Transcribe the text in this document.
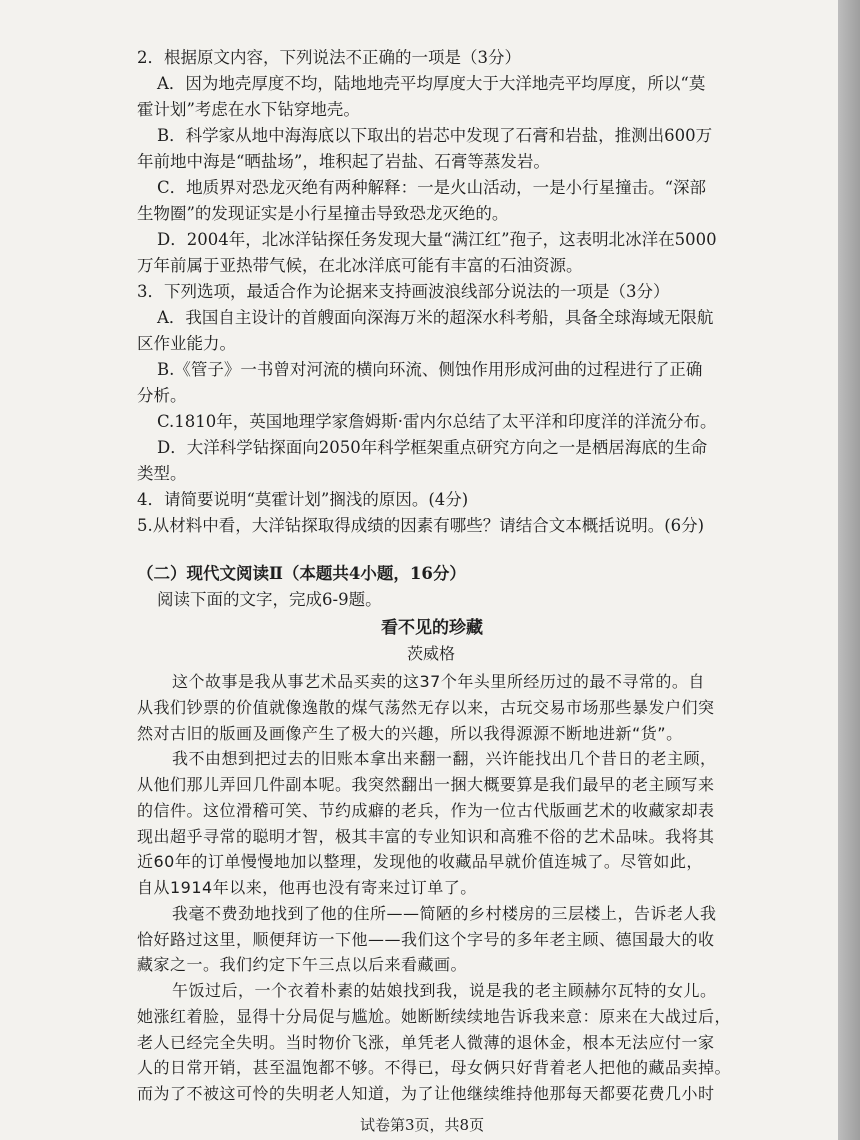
2．根据原文内容，下列说法不正确的一项是（3分）
A．因为地壳厚度不均，陆地地壳平均厚度大于大洋地壳平均厚度，所以“莫
霍计划”考虑在水下钻穿地壳。
B．科学家从地中海海底以下取出的岩芯中发现了石膏和岩盐，推测出600万
年前地中海是“晒盐场”，堆积起了岩盐、石膏等蒸发岩。
C．地质界对恐龙灭绝有两种解释：一是火山活动，一是小行星撞击。“深部
生物圈”的发现证实是小行星撞击导致恐龙灭绝的。
D．2004年，北冰洋钻探任务发现大量“满江红”孢子，这表明北冰洋在5000
万年前属于亚热带气候，在北冰洋底可能有丰富的石油资源。
3．下列选项，最适合作为论据来支持画波浪线部分说法的一项是（3分）
A．我国自主设计的首艘面向深海万米的超深水科考船，具备全球海域无限航
区作业能力。
B.《管子》一书曾对河流的横向环流、侧蚀作用形成河曲的过程进行了正确
分析。
C.1810年，英国地理学家詹姆斯·雷内尔总结了太平洋和印度洋的洋流分布。
D．大洋科学钻探面向2050年科学框架重点研究方向之一是栖居海底的生命
类型。
4．请简要说明“莫霍计划”搁浅的原因。(4分)
5.从材料中看，大洋钻探取得成绩的因素有哪些？请结合文本概括说明。(6分)
（二）现代文阅读Ⅱ（本题共4小题，16分）
阅读下面的文字，完成6-9题。
看不见的珍藏
茨威格
这个故事是我从事艺术品买卖的这37个年头里所经历过的最不寻常的。自
从我们钞票的价值就像逸散的煤气荡然无存以来，古玩交易市场那些暴发户们突
然对古旧的版画及画像产生了极大的兴趣，所以我得源源不断地进新“货”。
我不由想到把过去的旧账本拿出来翻一翻，兴许能找出几个昔日的老主顾，
从他们那儿弄回几件副本呢。我突然翻出一捆大概要算是我们最早的老主顾写来
的信件。这位滑稽可笑、节约成癖的老兵，作为一位古代版画艺术的收藏家却表
现出超乎寻常的聪明才智，极其丰富的专业知识和高雅不俗的艺术品味。我将其
近60年的订单慢慢地加以整理，发现他的收藏品早就价值连城了。尽管如此，
自从1914年以来，他再也没有寄来过订单了。
我毫不费劲地找到了他的住所——简陋的乡村楼房的三层楼上，告诉老人我
恰好路过这里，顺便拜访一下他——我们这个字号的多年老主顾、德国最大的收
藏家之一。我们约定下午三点以后来看藏画。
午饭过后，一个衣着朴素的姑娘找到我，说是我的老主顾赫尔瓦特的女儿。
她涨红着脸，显得十分局促与尴尬。她断断续续地告诉我来意：原来在大战过后，
老人已经完全失明。当时物价飞涨，单凭老人微薄的退休金，根本无法应付一家
人的日常开销，甚至温饱都不够。不得已，母女俩只好背着老人把他的藏品卖掉。
而为了不被这可怜的失明老人知道，为了让他继续维持他那每天都要花费几小时
试卷第3页，共8页
